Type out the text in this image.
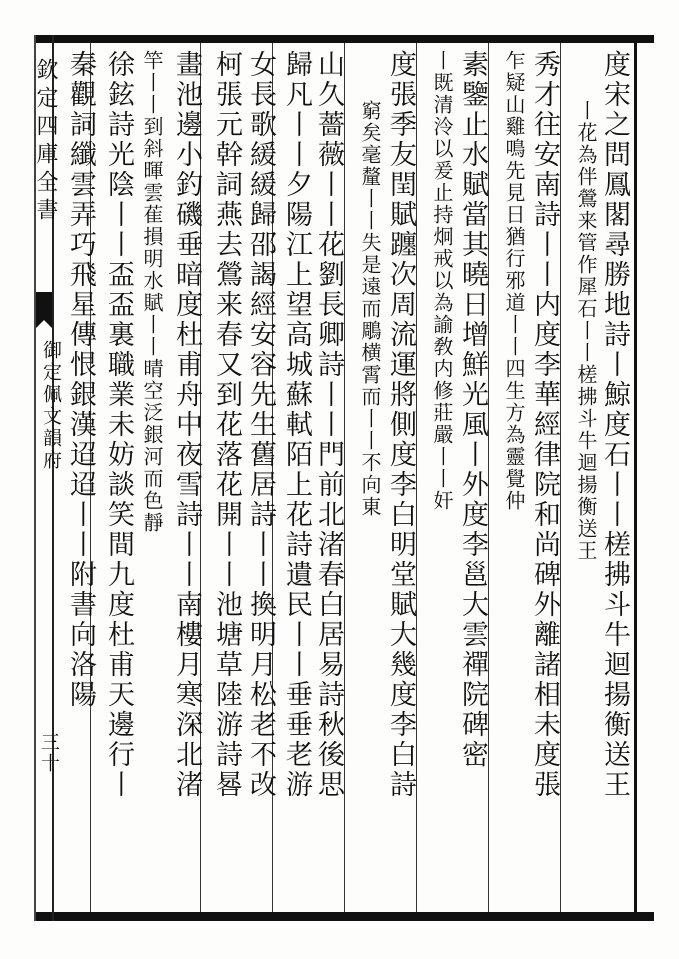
欽定四庫全書
御定佩文韻府
三十	度宋之問鳳閣尋勝地詩丨鯨度石丨丨槎拂斗牛迴揚衡送王
丨花為伴鶯来管作犀石丨丨槎拂斗牛迴揚衡送王
秀才往安南詩丨丨内度李華經律院和尚碑外離諸相未度張
乍疑山雞鳴先見日猶行邪道丨丨四生方為靈覺仲
素鑒止水賦當其曉日增鮮光風丨外度李邕大雲禪院碑密
丨既清泠以爰止持炯戒以為諭敎内修莊嚴丨丨奸
度張季友閏賦躔次周流運將側度李白明堂賦大幾度李白詩
窮矣毫釐丨丨失是遠而鵰横霄而丨丨不向東
山久薔薇丨丨花劉長卿詩丨丨門前北渚春白居易詩秋後思
歸凡丨丨夕陽江上望高城蘇軾陌上花詩遺民丨丨垂垂老游
女長歌緩緩歸邵謁經安容先生舊居詩丨丨換明月松老不改
柯張元幹詞燕去鶯来春又到花落花開丨丨池塘草陸游詩晷
畫池邊小釣磯垂暗度杜甫舟中夜雪詩丨丨南樓月寒深北渚
竿丨丨到斜暉雲萑損明水賦丨丨晴空泛銀河而色靜
徐鉉詩光陰丨丨盃盃裏職業未妨談笑間九度杜甫天邊行丨
秦觀詞纖雲弄巧飛星傳恨銀漢迢迢丨丨附書向洛陽
